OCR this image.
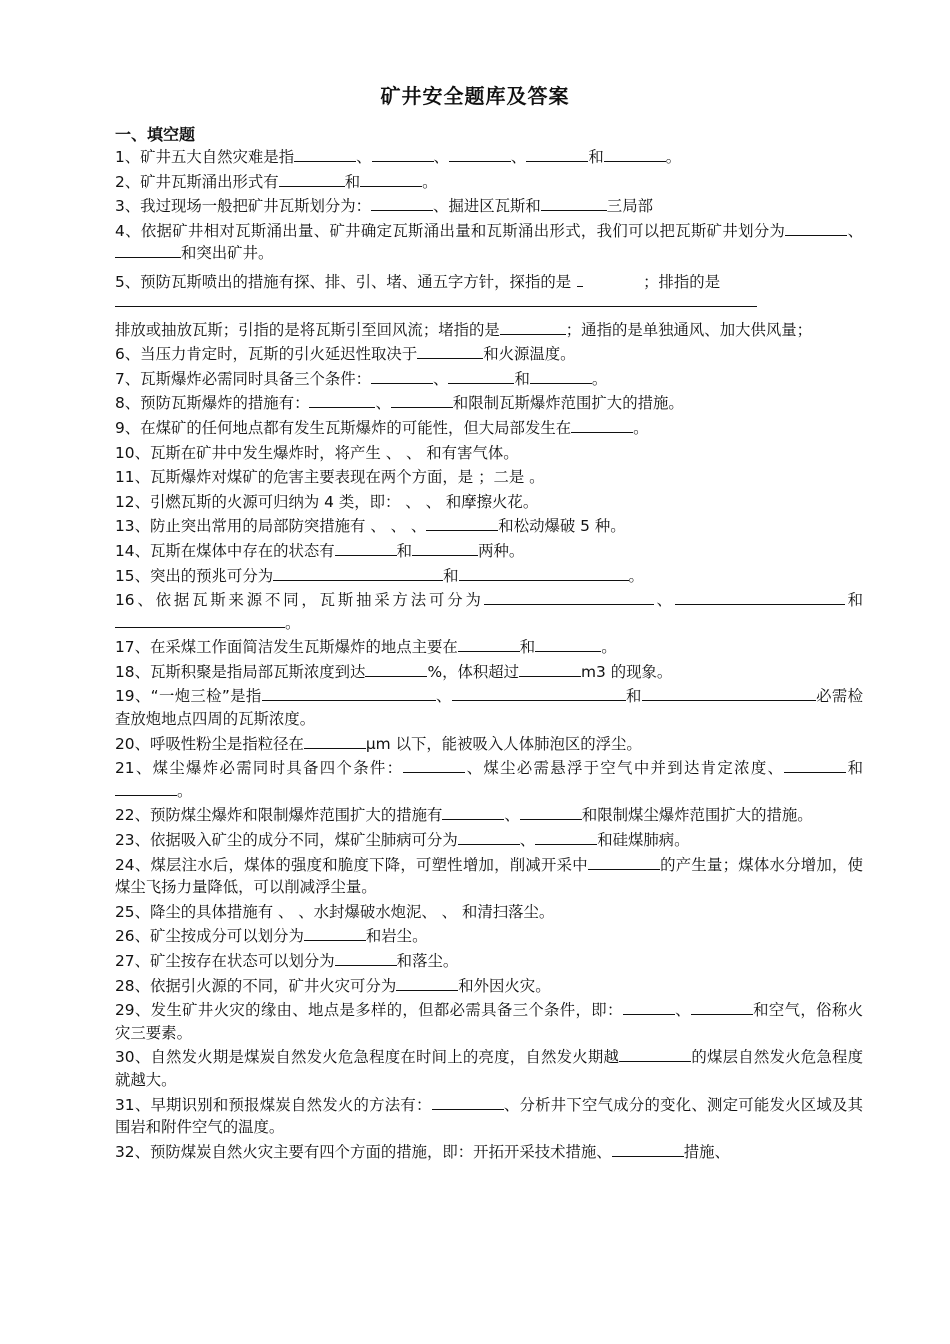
矿井安全题库及答案
一、填空题

1、矿井五大自然灾难是指	、	、	、	和	。

2、矿井瓦斯涌出形式有	和	。

3、我过现场一般把矿井瓦斯划分为：	、掘进区瓦斯和	三局部

4、依据矿井相对瓦斯涌出量、矿井确定瓦斯涌出量和瓦斯涌出形式，我们可以把瓦斯矿井划分为	、和突出矿井。

5、预防瓦斯喷出的措施有探、排、引、堵、通五字方针，探指的是	；排指的是
排放或抽放瓦斯；引指的是将瓦斯引至回风流；堵指的是	；通指的是单独通风、加大供风量；

6、当压力肯定时，瓦斯的引火延迟性取决于	和火源温度。

7、瓦斯爆炸必需同时具备三个条件：	、	和	。

8、预防瓦斯爆炸的措施有：	、	和限制瓦斯爆炸范围扩大的措施。

9、在煤矿的任何地点都有发生瓦斯爆炸的可能性，但大局部发生在	。

10、瓦斯在矿井中发生爆炸时，将产生 、 、 和有害气体。

11、瓦斯爆炸对煤矿的危害主要表现在两个方面，是 ；二是 。

12、引燃瓦斯的火源可归纳为 4 类，即： 、 、 和摩擦火花。

13、防止突出常用的局部防突措施有 、 、 、	和松动爆破 5 种。

14、瓦斯在煤体中存在的状态有	和	两种。

15、突出的预兆可分为	和	。

16、依据瓦斯来源不同，瓦斯抽采方法可分为	、	和。

17、在采煤工作面简洁发生瓦斯爆炸的地点主要在	和	。

18、瓦斯积聚是指局部瓦斯浓度到达	%，体积超过	m3 的现象。

19、“一炮三检”是指	、	和	必需检查放炮地点四周的瓦斯浓度。

20、呼吸性粉尘是指粒径在	μm 以下，能被吸入人体肺泡区的浮尘。

21、煤尘爆炸必需同时具备四个条件：	、煤尘必需悬浮于空气中并到达肯定浓度、	和。

22、预防煤尘爆炸和限制爆炸范围扩大的措施有	、	和限制煤尘爆炸范围扩大的措施。

23、依据吸入矿尘的成分不同，煤矿尘肺病可分为	、	和硅煤肺病。

24、煤层注水后，煤体的强度和脆度下降，可塑性增加，削减开采中	的产生量；煤体水分增加，使煤尘飞扬力量降低，可以削减浮尘量。

25、降尘的具体措施有 、 、水封爆破水炮泥、 、 和清扫落尘。

26、矿尘按成分可以划分为	和岩尘。

27、矿尘按存在状态可以划分为	和落尘。

28、依据引火源的不同，矿井火灾可分为	和外因火灾。

29、发生矿井火灾的缘由、地点是多样的，但都必需具备三个条件，即：	、	和空气，俗称火灾三要素。

30、自然发火期是煤炭自然发火危急程度在时间上的亮度，自然发火期越	的煤层自然发火危急程度就越大。

31、早期识别和预报煤炭自然发火的方法有：	、分析井下空气成分的变化、测定可能发火区域及其围岩和附件空气的温度。

32、预防煤炭自然火灾主要有四个方面的措施，即：开拓开采技术措施、	措施、
